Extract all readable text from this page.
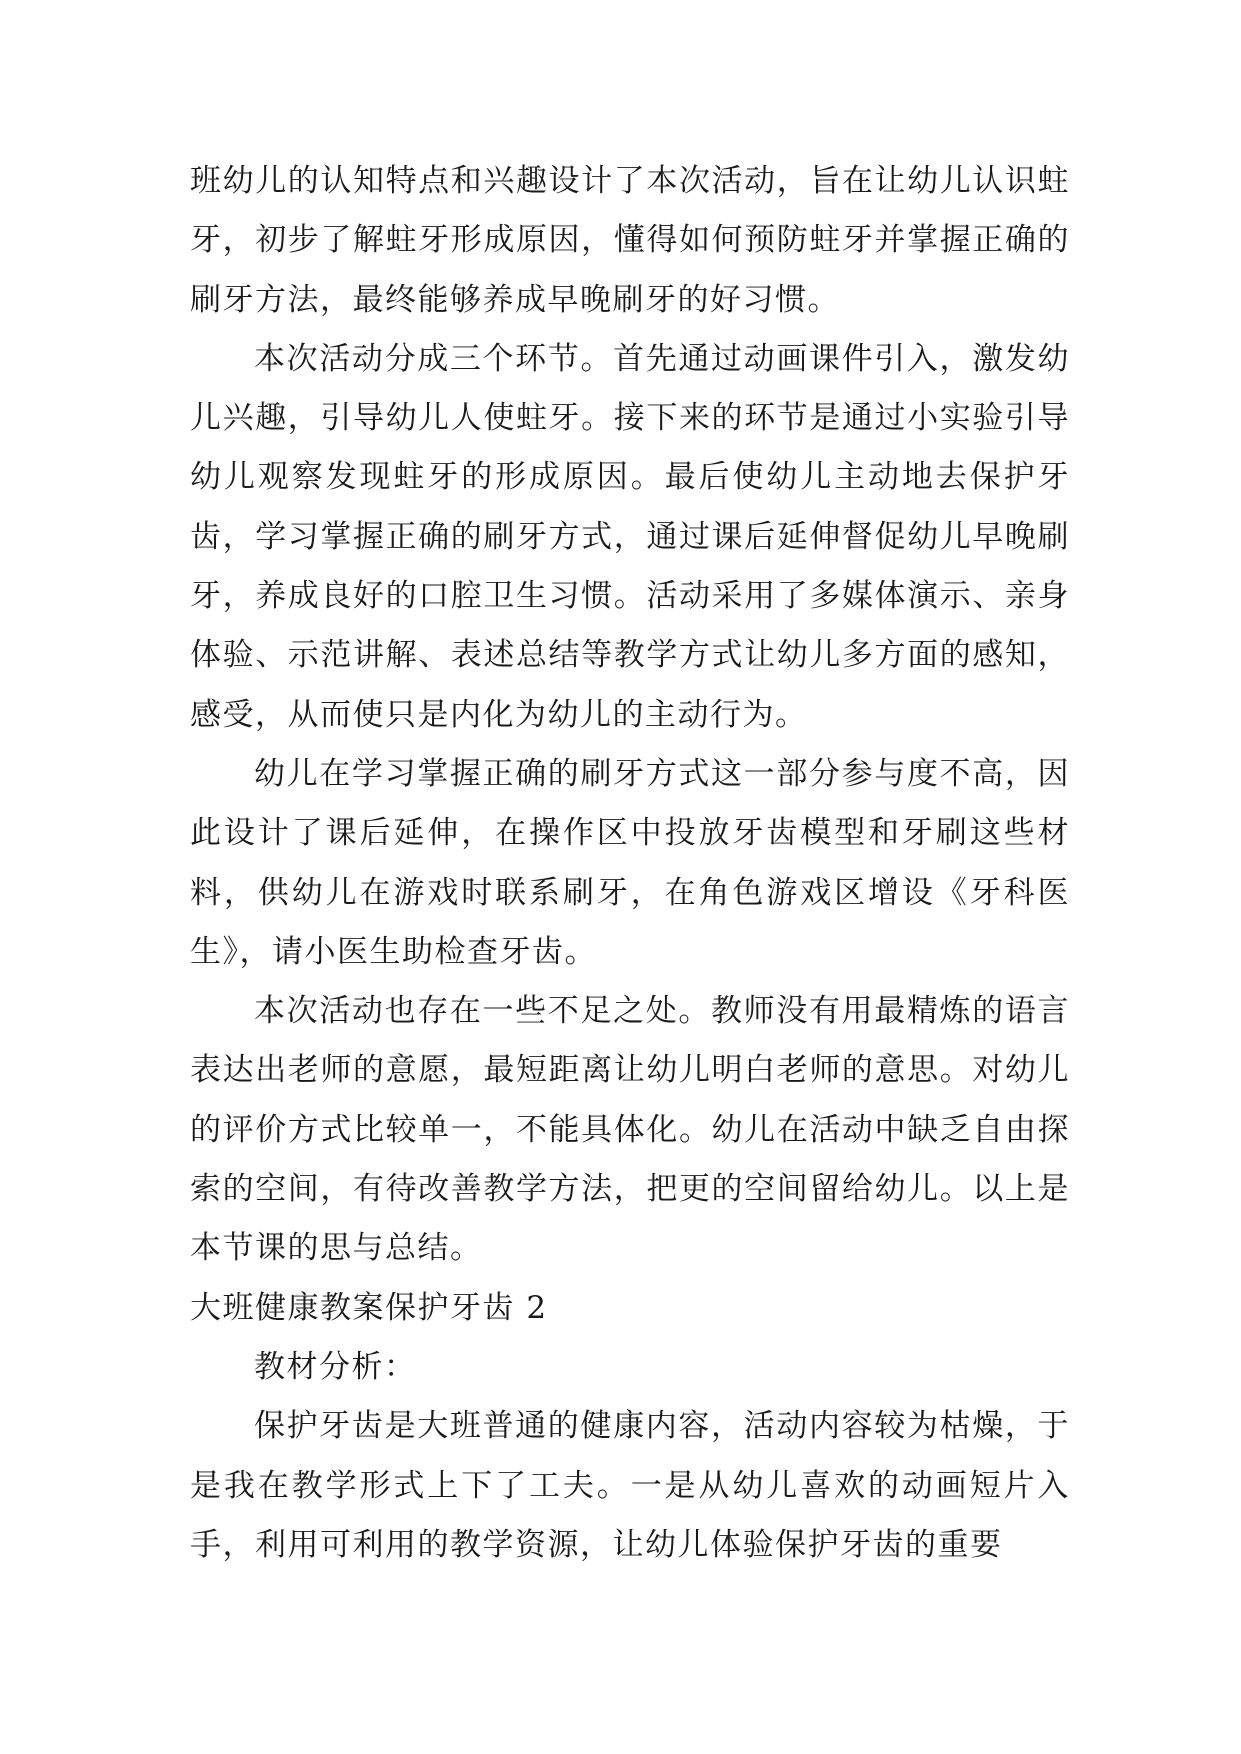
班幼儿的认知特点和兴趣设计了本次活动，旨在让幼儿认识蛀牙，初步了解蛀牙形成原因，懂得如何预防蛀牙并掌握正确的刷牙方法，最终能够养成早晚刷牙的好习惯。

本次活动分成三个环节。首先通过动画课件引入，激发幼儿兴趣，引导幼儿人使蛀牙。接下来的环节是通过小实验引导幼儿观察发现蛀牙的形成原因。最后使幼儿主动地去保护牙齿，学习掌握正确的刷牙方式，通过课后延伸督促幼儿早晚刷牙，养成良好的口腔卫生习惯。活动采用了多媒体演示、亲身体验、示范讲解、表述总结等教学方式让幼儿多方面的感知，感受，从而使只是内化为幼儿的主动行为。

幼儿在学习掌握正确的刷牙方式这一部分参与度不高，因此设计了课后延伸，在操作区中投放牙齿模型和牙刷这些材料，供幼儿在游戏时联系刷牙，在角色游戏区增设《牙科医生》，请小医生助检查牙齿。

本次活动也存在一些不足之处。教师没有用最精炼的语言表达出老师的意愿，最短距离让幼儿明白老师的意思。对幼儿的评价方式比较单一，不能具体化。幼儿在活动中缺乏自由探索的空间，有待改善教学方法，把更的空间留给幼儿。以上是本节课的思与总结。

大班健康教案保护牙齿 2

教材分析：

保护牙齿是大班普通的健康内容，活动内容较为枯燥，于是我在教学形式上下了工夫。一是从幼儿喜欢的动画短片入手，利用可利用的教学资源，让幼儿体验保护牙齿的重要
